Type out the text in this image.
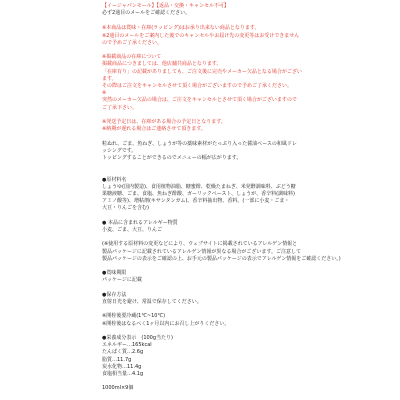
【イージャパンモール】【返品・交換・キャンセル不可】
必ず2通目のメールをご確認ください。
※本商品は賞味・在庫(ラッピング)はお承り出来ない商品となります。
※2通目のメールをご案内した後でのキャンセルやお届け先の変更等はお受けできません
ので予めご了承ください。
※掲載商品の在庫について
掲載商品につきましては、他店舗共商品となります。
「在庫有り」の記載がありましても、ご注文後に完売やメーカー欠品となる場合がござい
ます。
その際はご注文をキャンセルさせて頂く場合がございますので予めご了承ください。
※
突然のメーカー欠品の場合は、ご注文をキャンセルとさせて頂く場合がございますので
ご了承下さい。
※発送予定日は、在庫がある場合の予定日となります。
※納期が遅れる場合はご連絡させて頂きます。
粒ぬれ、ごま、魚ねぎ、しょうが等の薬味素材がたっぷり入った醤油ベースの和風ドレ
ッシングです。
トッピングすることができるのでメニューの幅が広がります。
●原材料名
しょうゆ(国内製造)、食用植物油脂、糖蜜酢、乾燥たまねぎ、米発酵調味料、ぶどう糖
果糖液糖、ごま、食塩、魚ねぎ酢酸、ガーリックペースト、しょうが、香辛料(調味料)
アミノ酸等)、増粘剤(キサンタンガム)、香辛料抽出物、香料、(一部に小麦・ごま・
大豆・りんごを含む)
● 本品に含まれるアレルギー物質
小麦、ごま、大豆、りんご
(※使用する原材料の変更などにより、ウェブサイトに掲載されているアレルゲン情報と
製品パッケージに記載されているアレルゲン情報が異なる場合がございます。ご注意して
製品パッケージの表示をご確認の上、お手元の製品パッケージの表示でアレルゲン情報をご確認ください。)
●賞味期限
パッケージに記載
●保存方法
直射日光を避け、常温で保存してください。
※開栓後要冷蔵(1℃~10℃)
※開栓後はなるべく1ヶ月以内にお召し上がりください。
●栄養成分表示　(100g当たり)
エネルギー…165kcal
たんぱく質…2.6g
脂質…11.7g
炭水化物…11.4g
食塩相当量…4.1g
1000ml×9個
